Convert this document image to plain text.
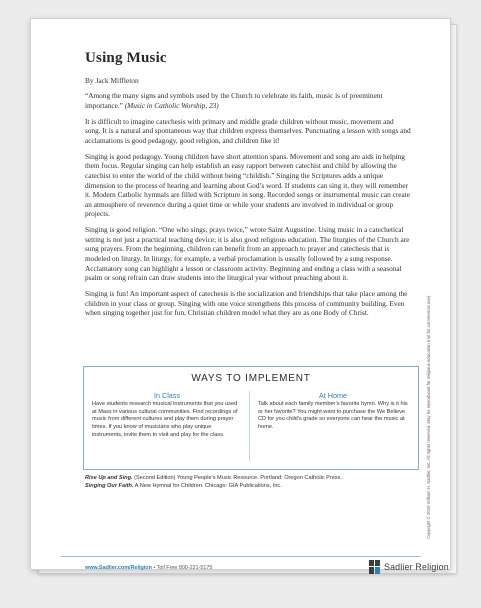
Using Music
By Jack Miffleton

“Among the many signs and symbols used by the Church to celebrate its faith, music is of preeminent importance.” (Music in Catholic Worship, 23)

It is difficult to imagine catechesis with primary and middle grade children without music, movement and song. It is a natural and spontaneous way that children express themselves. Punctuating a lesson with songs and acclamations is good pedagogy, good religion, and children like it!

Singing is good pedagogy. Young children have short attention spans. Movement and song are aids in helping them focus. Regular singing can help establish an easy rapport between catechist and child by allowing the catechist to enter the world of the child without being “childish.” Singing the Scriptures adds a unique dimension to the process of hearing and learning about God’s word. If students can sing it, they will remember it. Modern Catholic hymnals are filled with Scripture in song. Recorded songs or instrumental music can create an atmosphere of reverence during a quiet time or while your students are involved in individual or group projects.

Singing is good religion. “One who sings, prays twice,” wrote Saint Augustine. Using music in a catechetical setting is not just a practical teaching device; it is also good religious education. The liturgies of the Church are sung prayers. From the beginning, children can benefit from an approach to prayer and catechesis that is modeled on liturgy. In liturgy, for example, a verbal proclamation is usually followed by a sung response. Acclamatory song can highlight a lesson or classroom activity. Beginning and ending a class with a seasonal psalm or song refrain can draw students into the liturgical year without preaching about it.

Singing is fun! An important aspect of catechesis is the socialization and friendships that take place among the children in your class or group. Singing with one voice strengthens this process of community building. Even when singing together just for fun, Christian children model what they are as one Body of Christ.

WAYS TO IMPLEMENT
In Class
Have students research musical instruments that you used at Mass in various cultural communities. Find recordings of music from different cultures and play them during prayer times. If you know of musicians who play unique instruments, invite them to visit and play for the class.
At Home
Talk about each family member’s favorite hymn. Why is it his or her favorite? You might want to purchase the We Believe CD for you child’s grade so everyone can hear the music at home.
Rise Up and Sing. (Second Edition) Young People’s Music Resource. Portland: Oregon Catholic Press.
Singing Our Faith. A New Hymnal for Children. Chicago: GIA Publications, Inc.	Copyright © 2015 William H. Sadlier, Inc. All rights reserved. May be reproduced for religious education (not for commercial use).
www.Sadlier.com/Religion • Toll Free 800-221-5175	Sadlier Religion
